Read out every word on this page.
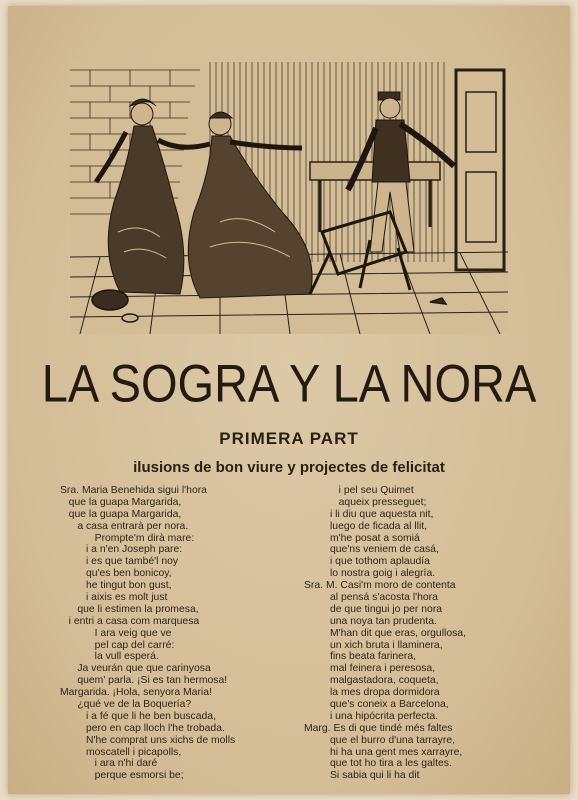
LA SOGRA Y LA NORA
PRIMERA PART
ilusions de bon viure y projectes de felicitat
Sra. Maria Benehida sigui l'hora
que la guapa Margarida,
que la guapa Margarida,
a casa entrarà per nora.
Prompte'm dirà mare:
i a n'en Joseph pare:
i es que també'l noy
qu'es ben bonicoy,
he tingut bon gust,
i aixis es molt just
que li estimen la promesa,
i entri a casa com marquesa
I ara veig que ve
pel cap del carré:
la vull esperá.
Ja veurán que que carinyosa
quem' parla. ¡Si es tan hermosa!
Margarida. ¡Hola, senyora Maria!
¿qué ve de la Boquería?
i a fé que li he ben buscada,
pero en cap lloch l'he trobada.
N'he comprat uns xichs de molls
moscatell i picapolls,
i ara n'hi daré
perque esmorsi be;
i pel seu Quimet
aqueix presseguet;
i li diu que aquesta nit,
luego de ficada al llit,
m'he posat a somiá
que'ns veniem de casá,
i que tothom aplaudía
lo nostra goig i alegría.
Sra. M. Casi'm moro de contenta
al pensá s'acosta l'hora
de que tingui jo per nora
una noya tan prudenta.
M'han dit que eras, orgullosa,
un xich bruta i llaminera,
fins beata farinera,
mal feinera i peresosa,
malgastadora, coqueta,
la mes dropa dormidora
que's coneix a Barcelona,
i una hipócrita perfecta.
Marg. Es di que tindé més faltes
que el burro d'una tarrayre,
hi ha una gent mes xarrayre,
que tot ho tira a les galtes.
Si sabia qui li ha dit
